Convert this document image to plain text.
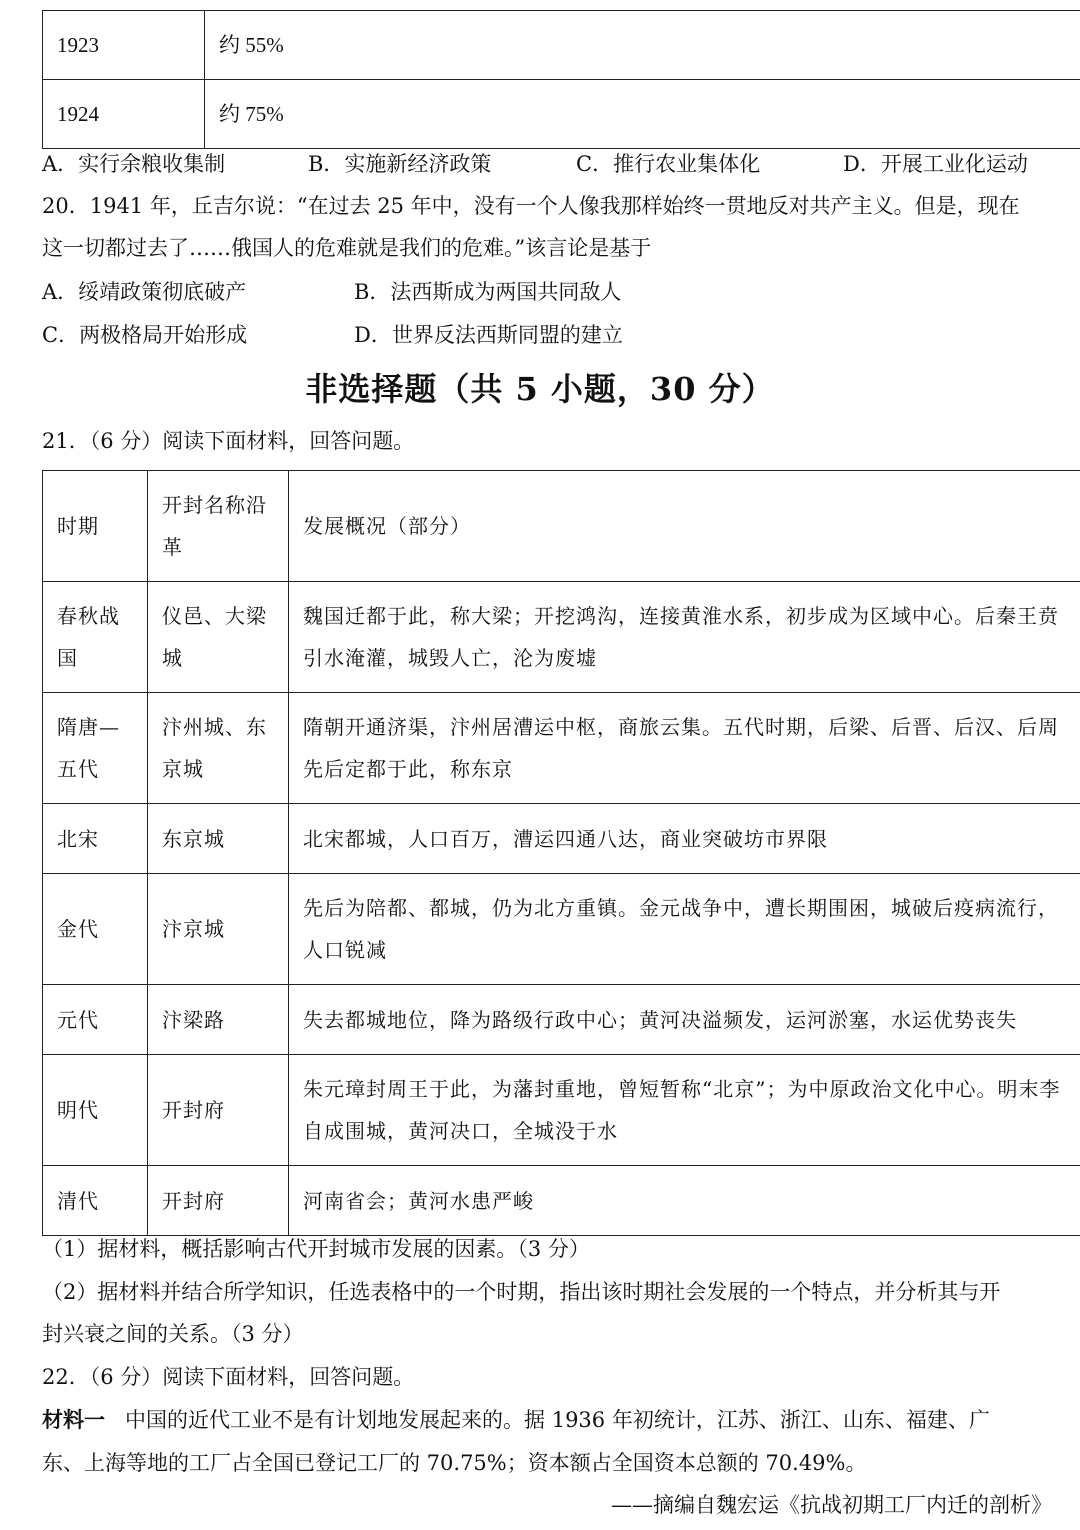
1923	约 55%
1924	约 75%
A．实行余粮收集制	B．实施新经济政策	C．推行农业集体化	D．开展工业化运动
20．1941 年，丘吉尔说：“在过去 25 年中，没有一个人像我那样始终一贯地反对共产主义。但是，现在
这一切都过去了……俄国人的危难就是我们的危难。”该言论是基于
A．绥靖政策彻底破产	B．法西斯成为两国共同敌人
C．两极格局开始形成	D．世界反法西斯同盟的建立
非选择题（共 5 小题，30 分）
21．（6 分）阅读下面材料，回答问题。
时期	开封名称沿革	发展概况（部分）
春秋战国	仪邑、大梁城	魏国迁都于此，称大梁；开挖鸿沟，连接黄淮水系，初步成为区域中心。后秦王贲引水淹灌，城毁人亡，沦为废墟
隋唐—五代	汴州城、东京城	隋朝开通济渠，汴州居漕运中枢，商旅云集。五代时期，后梁、后晋、后汉、后周先后定都于此，称东京
北宋	东京城	北宋都城，人口百万，漕运四通八达，商业突破坊市界限
金代	汴京城	先后为陪都、都城，仍为北方重镇。金元战争中，遭长期围困，城破后疫病流行，人口锐减
元代	汴梁路	失去都城地位，降为路级行政中心；黄河决溢频发，运河淤塞，水运优势丧失
明代	开封府	朱元璋封周王于此，为藩封重地，曾短暂称“北京”；为中原政治文化中心。明末李自成围城，黄河决口，全城没于水
清代	开封府	河南省会；黄河水患严峻
（1）据材料，概括影响古代开封城市发展的因素。（3 分）
（2）据材料并结合所学知识，任选表格中的一个时期，指出该时期社会发展的一个特点，并分析其与开
封兴衰之间的关系。（3 分）
22．（6 分）阅读下面材料，回答问题。
材料一 中国的近代工业不是有计划地发展起来的。据 1936 年初统计，江苏、浙江、山东、福建、广
东、上海等地的工厂占全国已登记工厂的 70.75%；资本额占全国资本总额的 70.49%。
——摘编自魏宏运《抗战初期工厂内迁的剖析》
